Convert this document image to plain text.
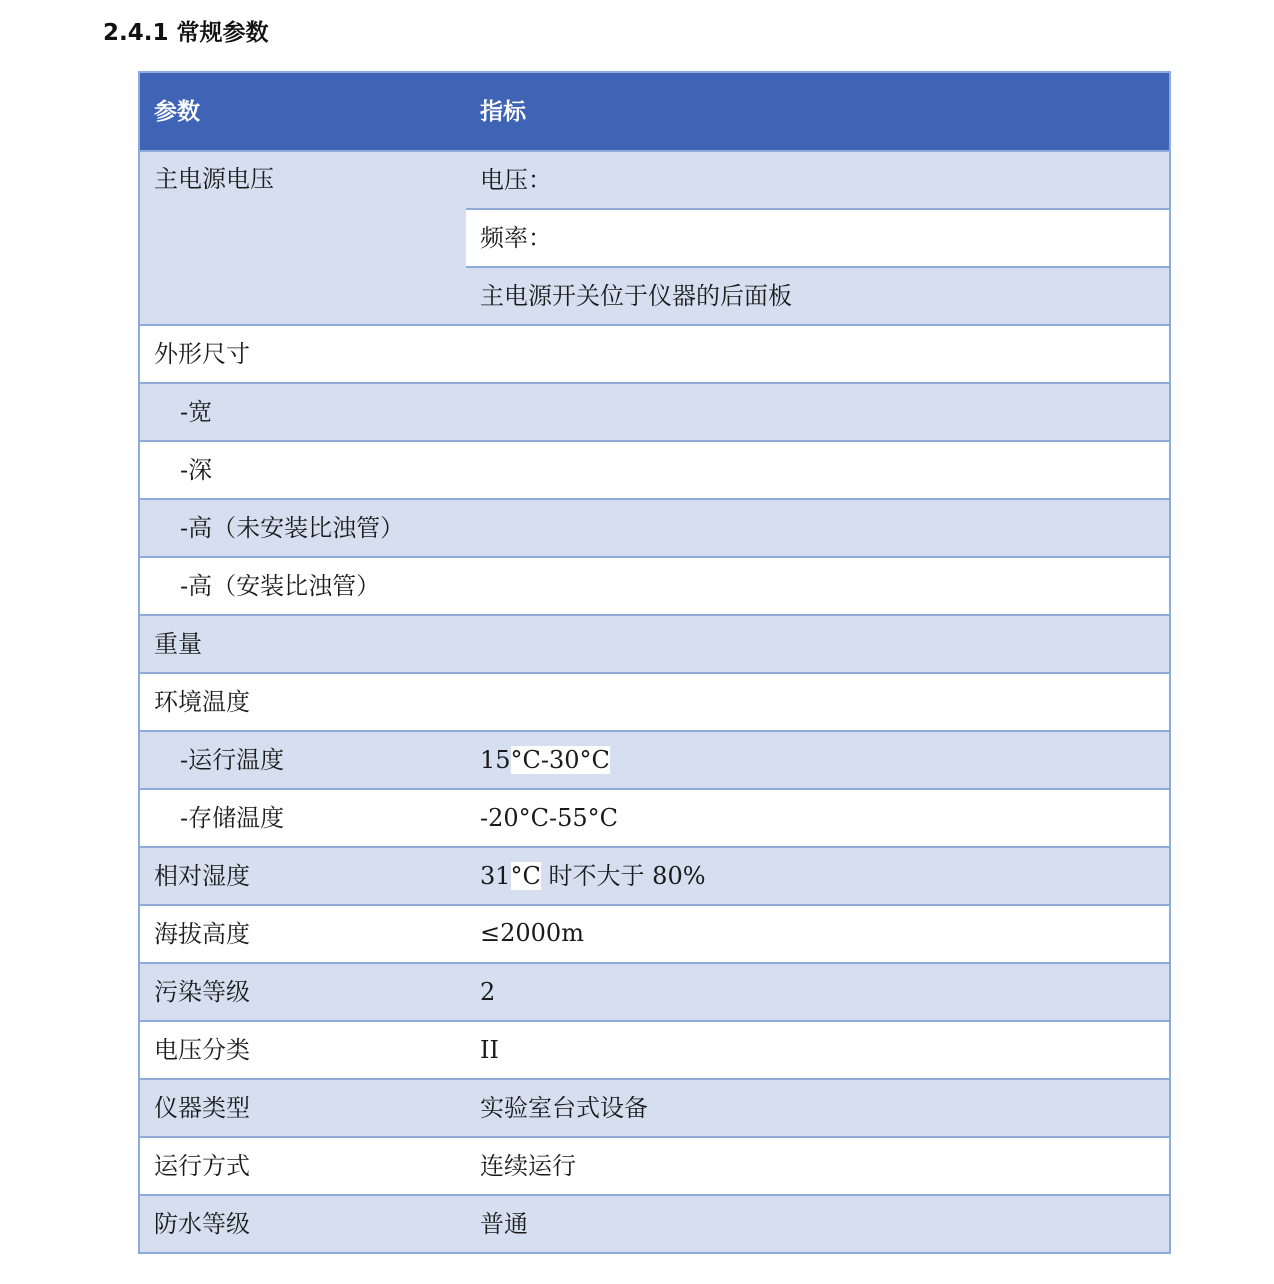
2.4.1 常规参数
参数	指标
主电源电压	电压：
	频率：
	主电源开关位于仪器的后面板
外形尺寸	
-宽	
-深	
-高（未安装比浊管）	
-高（安装比浊管）	
重量	
环境温度	
-运行温度	15°C-30°C
-存储温度	-20°C-55°C
相对湿度	31°C 时不大于 80%
海拔高度	≤2000m
污染等级	2
电压分类	II
仪器类型	实验室台式设备
运行方式	连续运行
防水等级	普通
